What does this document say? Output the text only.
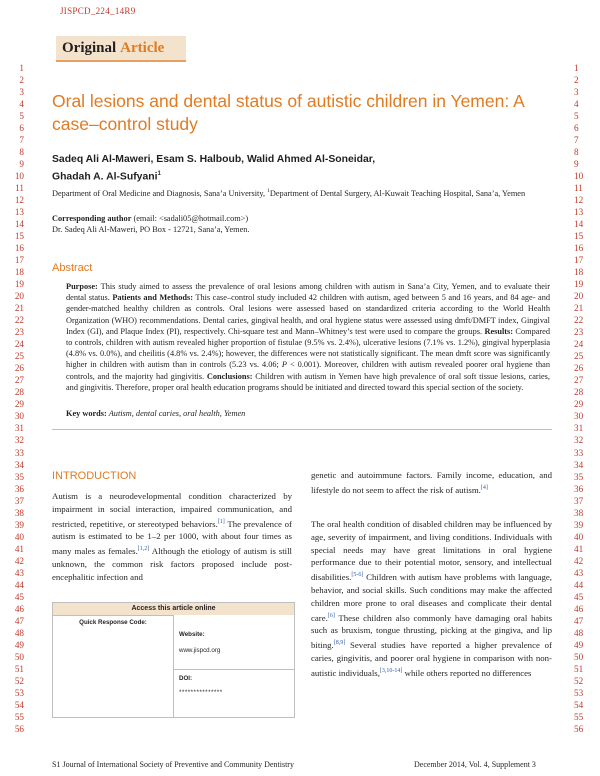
JISPCD_224_14R9
1
2
3
4
5
6
7
8
9
10
11
12
13
14
15
16
17
18
19
20
21
22
23
24
25
26
27
28
29
30
31
32
33
34
35
36
37
38
39
40
41
42
43
44
45
46
47
48
49
50
51
52
53
54
55
56
1
2
3
4
5
6
7
8
9
10
11
12
13
14
15
16
17
18
19
20
21
22
23
24
25
26
27
28
29
30
31
32
33
34
35
36
37
38
39
40
41
42
43
44
45
46
47
48
49
50
51
52
53
54
55
56
Original Article
Oral lesions and dental status of autistic children in Yemen: A case–control study
Sadeq Ali Al-Maweri, Esam S. Halboub, Walid Ahmed Al-Soneidar,
Ghadah A. Al-Sufyani$^1$
Department of Oral Medicine and Diagnosis, Sana’a University, $^1$Department of Dental Surgery, Al-Kuwait Teaching Hospital, Sana’a, Yemen
Corresponding author (email: <sadali05@hotmail.com>)
Dr. Sadeq Ali Al-Maweri, PO Box - 12721, Sana’a, Yemen.
Abstract
Purpose: This study aimed to assess the prevalence of oral lesions among children with autism in Sana’a City, Yemen, and to evaluate their dental status. Patients and Methods: This case–control study included 42 children with autism, aged between 5 and 16 years, and 84 age- and gender-matched healthy children as controls. Oral lesions were assessed based on standardized criteria according to the World Health Organization (WHO) recommendations. Dental caries, gingival health, and oral hygiene status were assessed using dmft/DMFT index, Gingival Index (GI), and Plaque Index (PI), respectively. Chi-square test and Mann–Whitney’s test were used to compare the groups. Results: Compared to controls, children with autism revealed higher proportion of fistulae (9.5% vs. 2.4%), ulcerative lesions (7.1% vs. 1.2%), gingival hyperplasia (4.8% vs. 0.0%), and cheilitis (4.8% vs. 2.4%); however, the differences were not statistically significant. The mean dmft score was significantly higher in children with autism than in controls (5.23 vs. 4.06; P < 0.001). Moreover, children with autism revealed poorer oral hygiene than controls, and the majority had gingivitis. Conclusions: Children with autism in Yemen have high prevalence of oral soft tissue lesions, caries, and gingivitis. Therefore, proper oral health education programs should be initiated and directed toward this special section of the society.
Key words: Autism, dental caries, oral health, Yemen
INTRODUCTION
Autism is a neurodevelopmental condition characterized by impairment in social interaction, impaired communication, and restricted, repetitive, or stereotyped behaviors.[1] The prevalence of autism is estimated to be 1–2 per 1000, with about four times as many males as females.[1,2] Although the etiology of autism is still unknown, the common risk factors proposed include post-encephalitic infection and
genetic and autoimmune factors. Family income, education, and lifestyle do not seem to affect the risk of autism.[4]
The oral health condition of disabled children may be influenced by age, severity of impairment, and living conditions. Individuals with special needs may have great limitations in oral hygiene performance due to their potential motor, sensory, and intellectual disabilities.[5-6] Children with autism have problems with language, behavior, and social skills. Such conditions may make the affected children more prone to oral diseases and complicate their dental care.[6] These children also commonly have damaging oral habits such as bruxism, tongue thrusting, picking at the gingiva, and lip biting.[8,9] Several studies have reported a higher prevalence of caries, gingivitis, and poorer oral hygiene in comparison with non-autistic individuals,[3,10-14] while others reported no differences
Access this article online
Quick Response Code:
Website:
www.jispcd.org
DOI:
***************
S1 Journal of International Society of Preventive and Community Dentistry	December 2014, Vol. 4, Supplement 3
